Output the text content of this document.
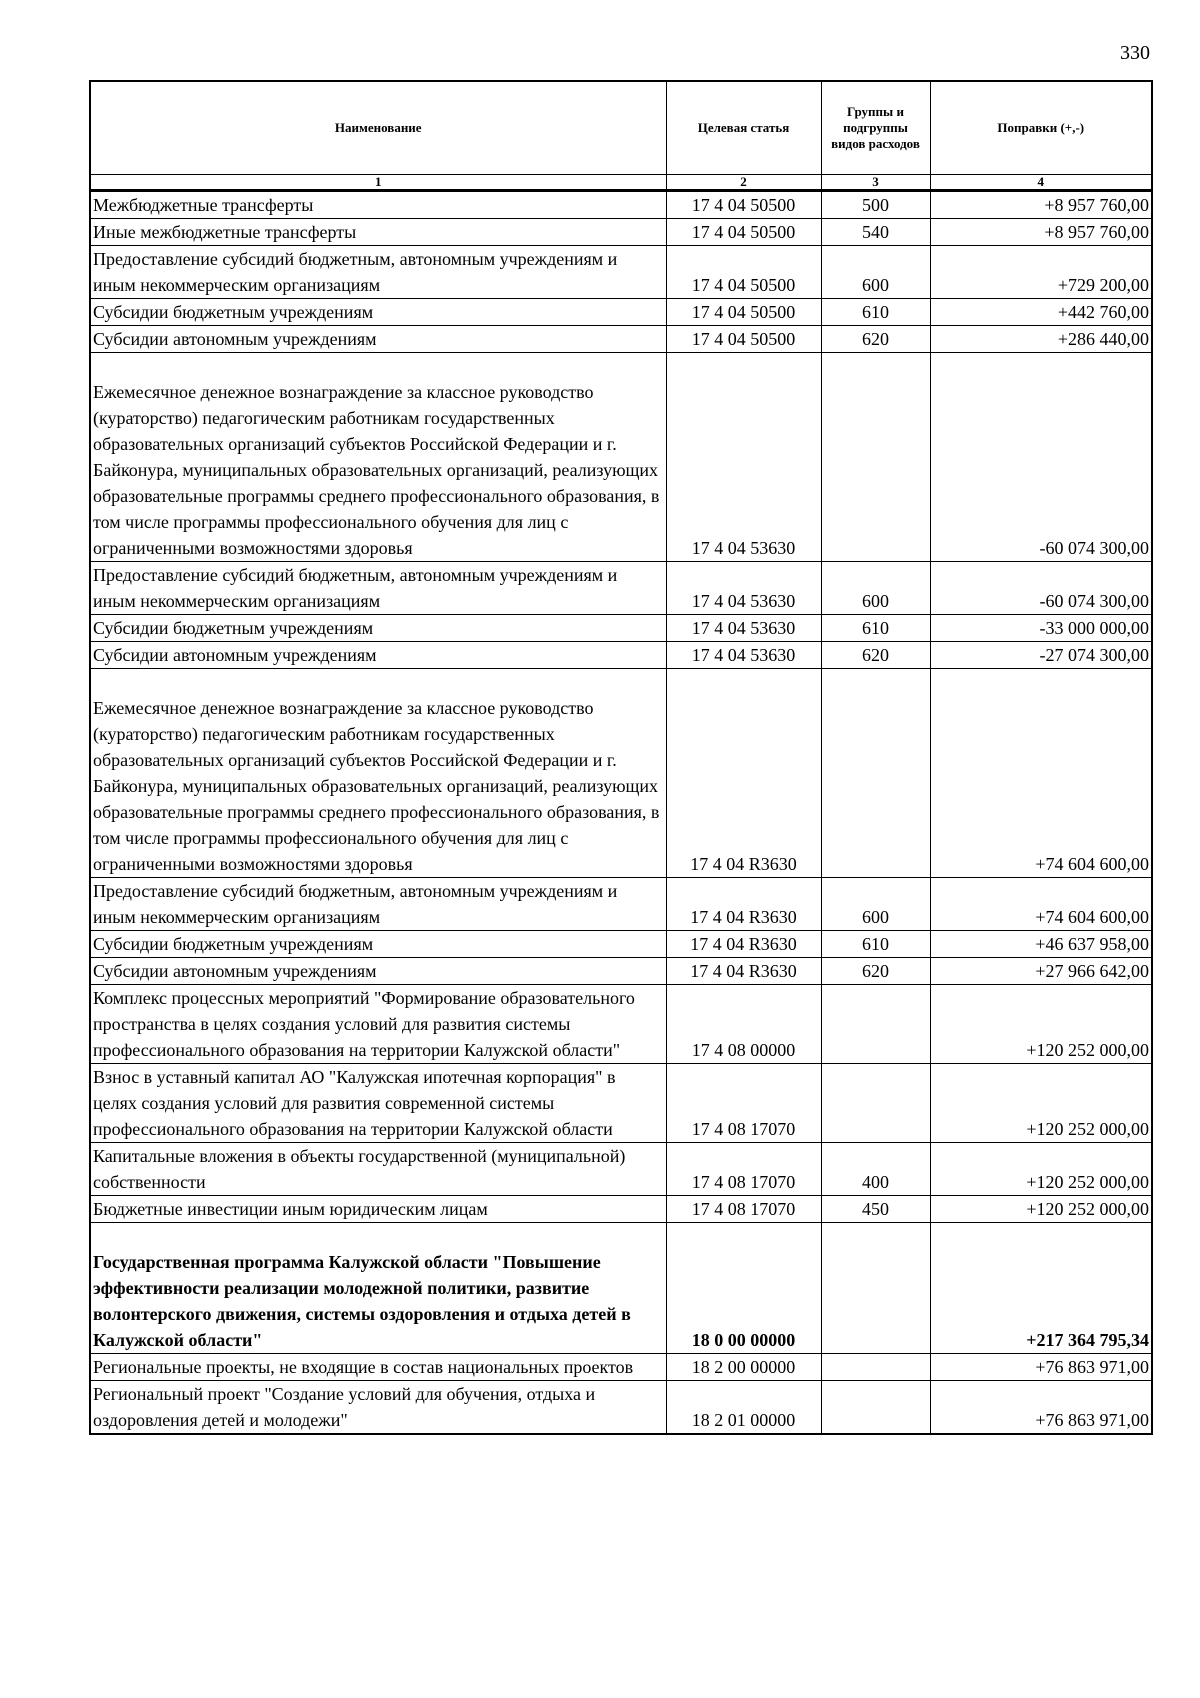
330
Наименование	Целевая статья	Группы и подгруппы видов расходов	Поправки (+,-)
1	2	3	4
Межбюджетные трансферты	17 4 04 50500	500	+8 957 760,00
Иные межбюджетные трансферты	17 4 04 50500	540	+8 957 760,00
Предоставление субсидий бюджетным, автономным учреждениям и иным некоммерческим организациям	17 4 04 50500	600	+729 200,00
Субсидии бюджетным учреждениям	17 4 04 50500	610	+442 760,00
Субсидии автономным учреждениям	17 4 04 50500	620	+286 440,00
Ежемесячное денежное вознаграждение за классное руководство (кураторство) педагогическим работникам государственных образовательных организаций субъектов Российской Федерации и г. Байконура, муниципальных образовательных организаций, реализующих образовательные программы среднего профессионального образования, в том числе программы профессионального обучения для лиц с ограниченными возможностями здоровья	17 4 04 53630		-60 074 300,00
Предоставление субсидий бюджетным, автономным учреждениям и иным некоммерческим организациям	17 4 04 53630	600	-60 074 300,00
Субсидии бюджетным учреждениям	17 4 04 53630	610	-33 000 000,00
Субсидии автономным учреждениям	17 4 04 53630	620	-27 074 300,00
Ежемесячное денежное вознаграждение за классное руководство (кураторство) педагогическим работникам государственных образовательных организаций субъектов Российской Федерации и г. Байконура, муниципальных образовательных организаций, реализующих образовательные программы среднего профессионального образования, в том числе программы профессионального обучения для лиц с ограниченными возможностями здоровья	17 4 04 R3630		+74 604 600,00
Предоставление субсидий бюджетным, автономным учреждениям и иным некоммерческим организациям	17 4 04 R3630	600	+74 604 600,00
Субсидии бюджетным учреждениям	17 4 04 R3630	610	+46 637 958,00
Субсидии автономным учреждениям	17 4 04 R3630	620	+27 966 642,00
Комплекс процессных мероприятий "Формирование образовательного пространства в целях создания условий для развития системы профессионального образования на территории Калужской области"	17 4 08 00000		+120 252 000,00
Взнос в уставный капитал АО "Калужская ипотечная корпорация" в целях создания условий для развития современной системы профессионального образования на территории Калужской области	17 4 08 17070		+120 252 000,00
Капитальные вложения в объекты государственной (муниципальной) собственности	17 4 08 17070	400	+120 252 000,00
Бюджетные инвестиции иным юридическим лицам	17 4 08 17070	450	+120 252 000,00
Государственная программа Калужской области "Повышение эффективности реализации молодежной политики, развитие волонтерского движения, системы оздоровления и отдыха детей в Калужской области"	18 0 00 00000		+217 364 795,34
Региональные проекты, не входящие в состав национальных проектов	18 2 00 00000		+76 863 971,00
Региональный проект "Создание условий для обучения, отдыха и оздоровления детей и молодежи"	18 2 01 00000		+76 863 971,00
